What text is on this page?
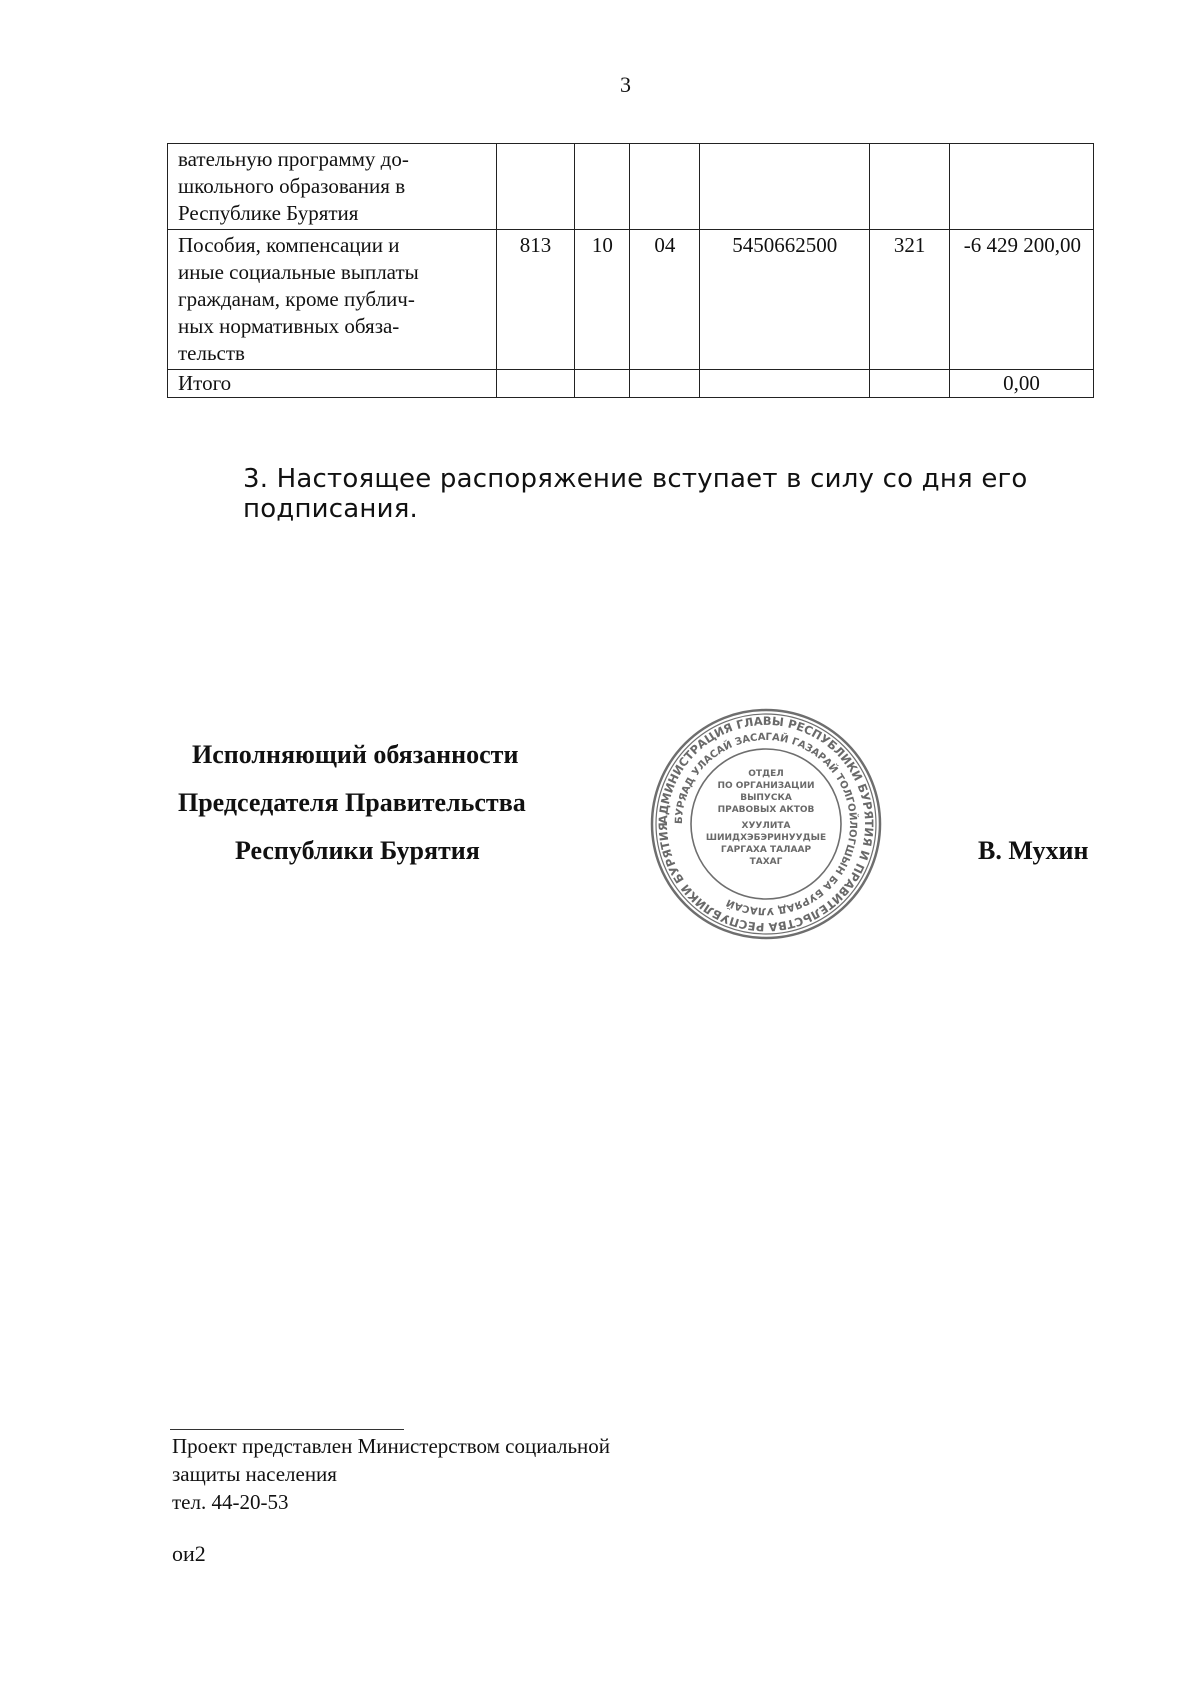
3
вательную программу до-
школьного образования в
Республике Бурятия						

Пособия, компенсации и
иные социальные выплаты
гражданам, кроме публич-
ных нормативных обяза-
тельств	813	10	04	5450662500	321	-6 429 200,00
Итого						0,00
3. Настоящее распоряжение вступает в силу со дня его подписания.
Исполняющий обязанности
Председателя Правительства
Республики Бурятия	В. Мухин
АДМИНИСТРАЦИЯ ГЛАВЫ РЕСПУБЛИКИ БУРЯТИЯ И ПРАВИТЕЛЬСТВА РЕСПУБЛИКИ БУРЯТИЯ
БУРЯАД УЛАСАЙ ЗАСАГАЙ ГАЗАРАЙ ТОЛГОЙЛОГШЫН БА БУРЯАД УЛАСАЙ
ОТДЕЛ
ПО ОРГАНИЗАЦИИ
ВЫПУСКА
ПРАВОВЫХ АКТОВ
ХУУЛИТА
ШИИДХЭБЭРИНУУДЫЕ
ГАРГАХА ТАЛААР
ТАХАГ
Проект представлен Министерством социальной
защиты населения
тел. 44-20-53
ои2
